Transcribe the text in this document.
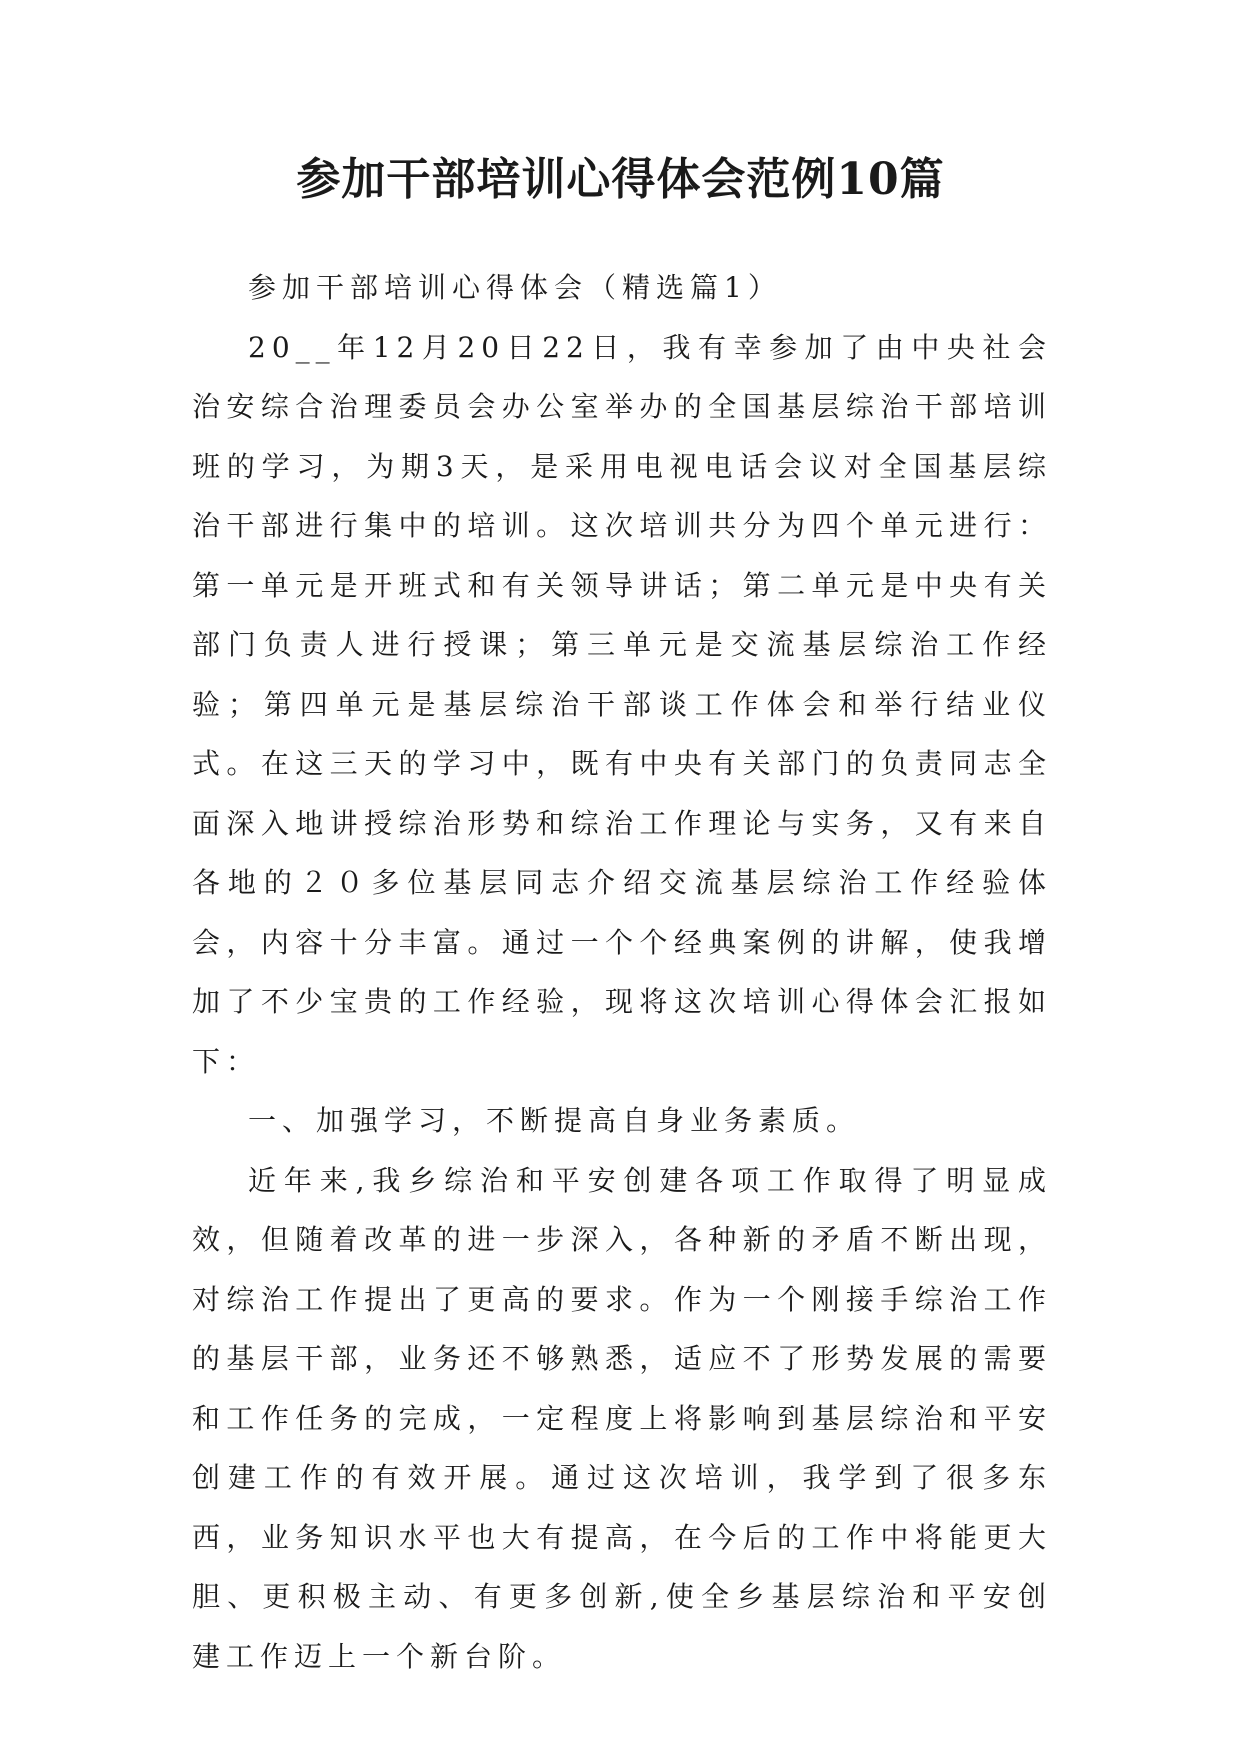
参加干部培训心得体会范例10篇

参加干部培训心得体会（精选篇1）

20__年12月20日22日，我有幸参加了由中央社会治安综合治理委员会办公室举办的全国基层综治干部培训班的学习，为期3天，是采用电视电话会议对全国基层综治干部进行集中的培训。这次培训共分为四个单元进行：第一单元是开班式和有关领导讲话；第二单元是中央有关部门负责人进行授课；第三单元是交流基层综治工作经验；第四单元是基层综治干部谈工作体会和举行结业仪式。在这三天的学习中，既有中央有关部门的负责同志全面深入地讲授综治形势和综治工作理论与实务，又有来自各地的２０多位基层同志介绍交流基层综治工作经验体会，内容十分丰富。通过一个个经典案例的讲解，使我增加了不少宝贵的工作经验，现将这次培训心得体会汇报如下：

一、加强学习，不断提高自身业务素质。

近年来,我乡综治和平安创建各项工作取得了明显成效，但随着改革的进一步深入，各种新的矛盾不断出现，对综治工作提出了更高的要求。作为一个刚接手综治工作的基层干部，业务还不够熟悉，适应不了形势发展的需要和工作任务的完成，一定程度上将影响到基层综治和平安创建工作的有效开展。通过这次培训，我学到了很多东西，业务知识水平也大有提高，在今后的工作中将能更大胆、更积极主动、有更多创新,使全乡基层综治和平安创建工作迈上一个新台阶。
